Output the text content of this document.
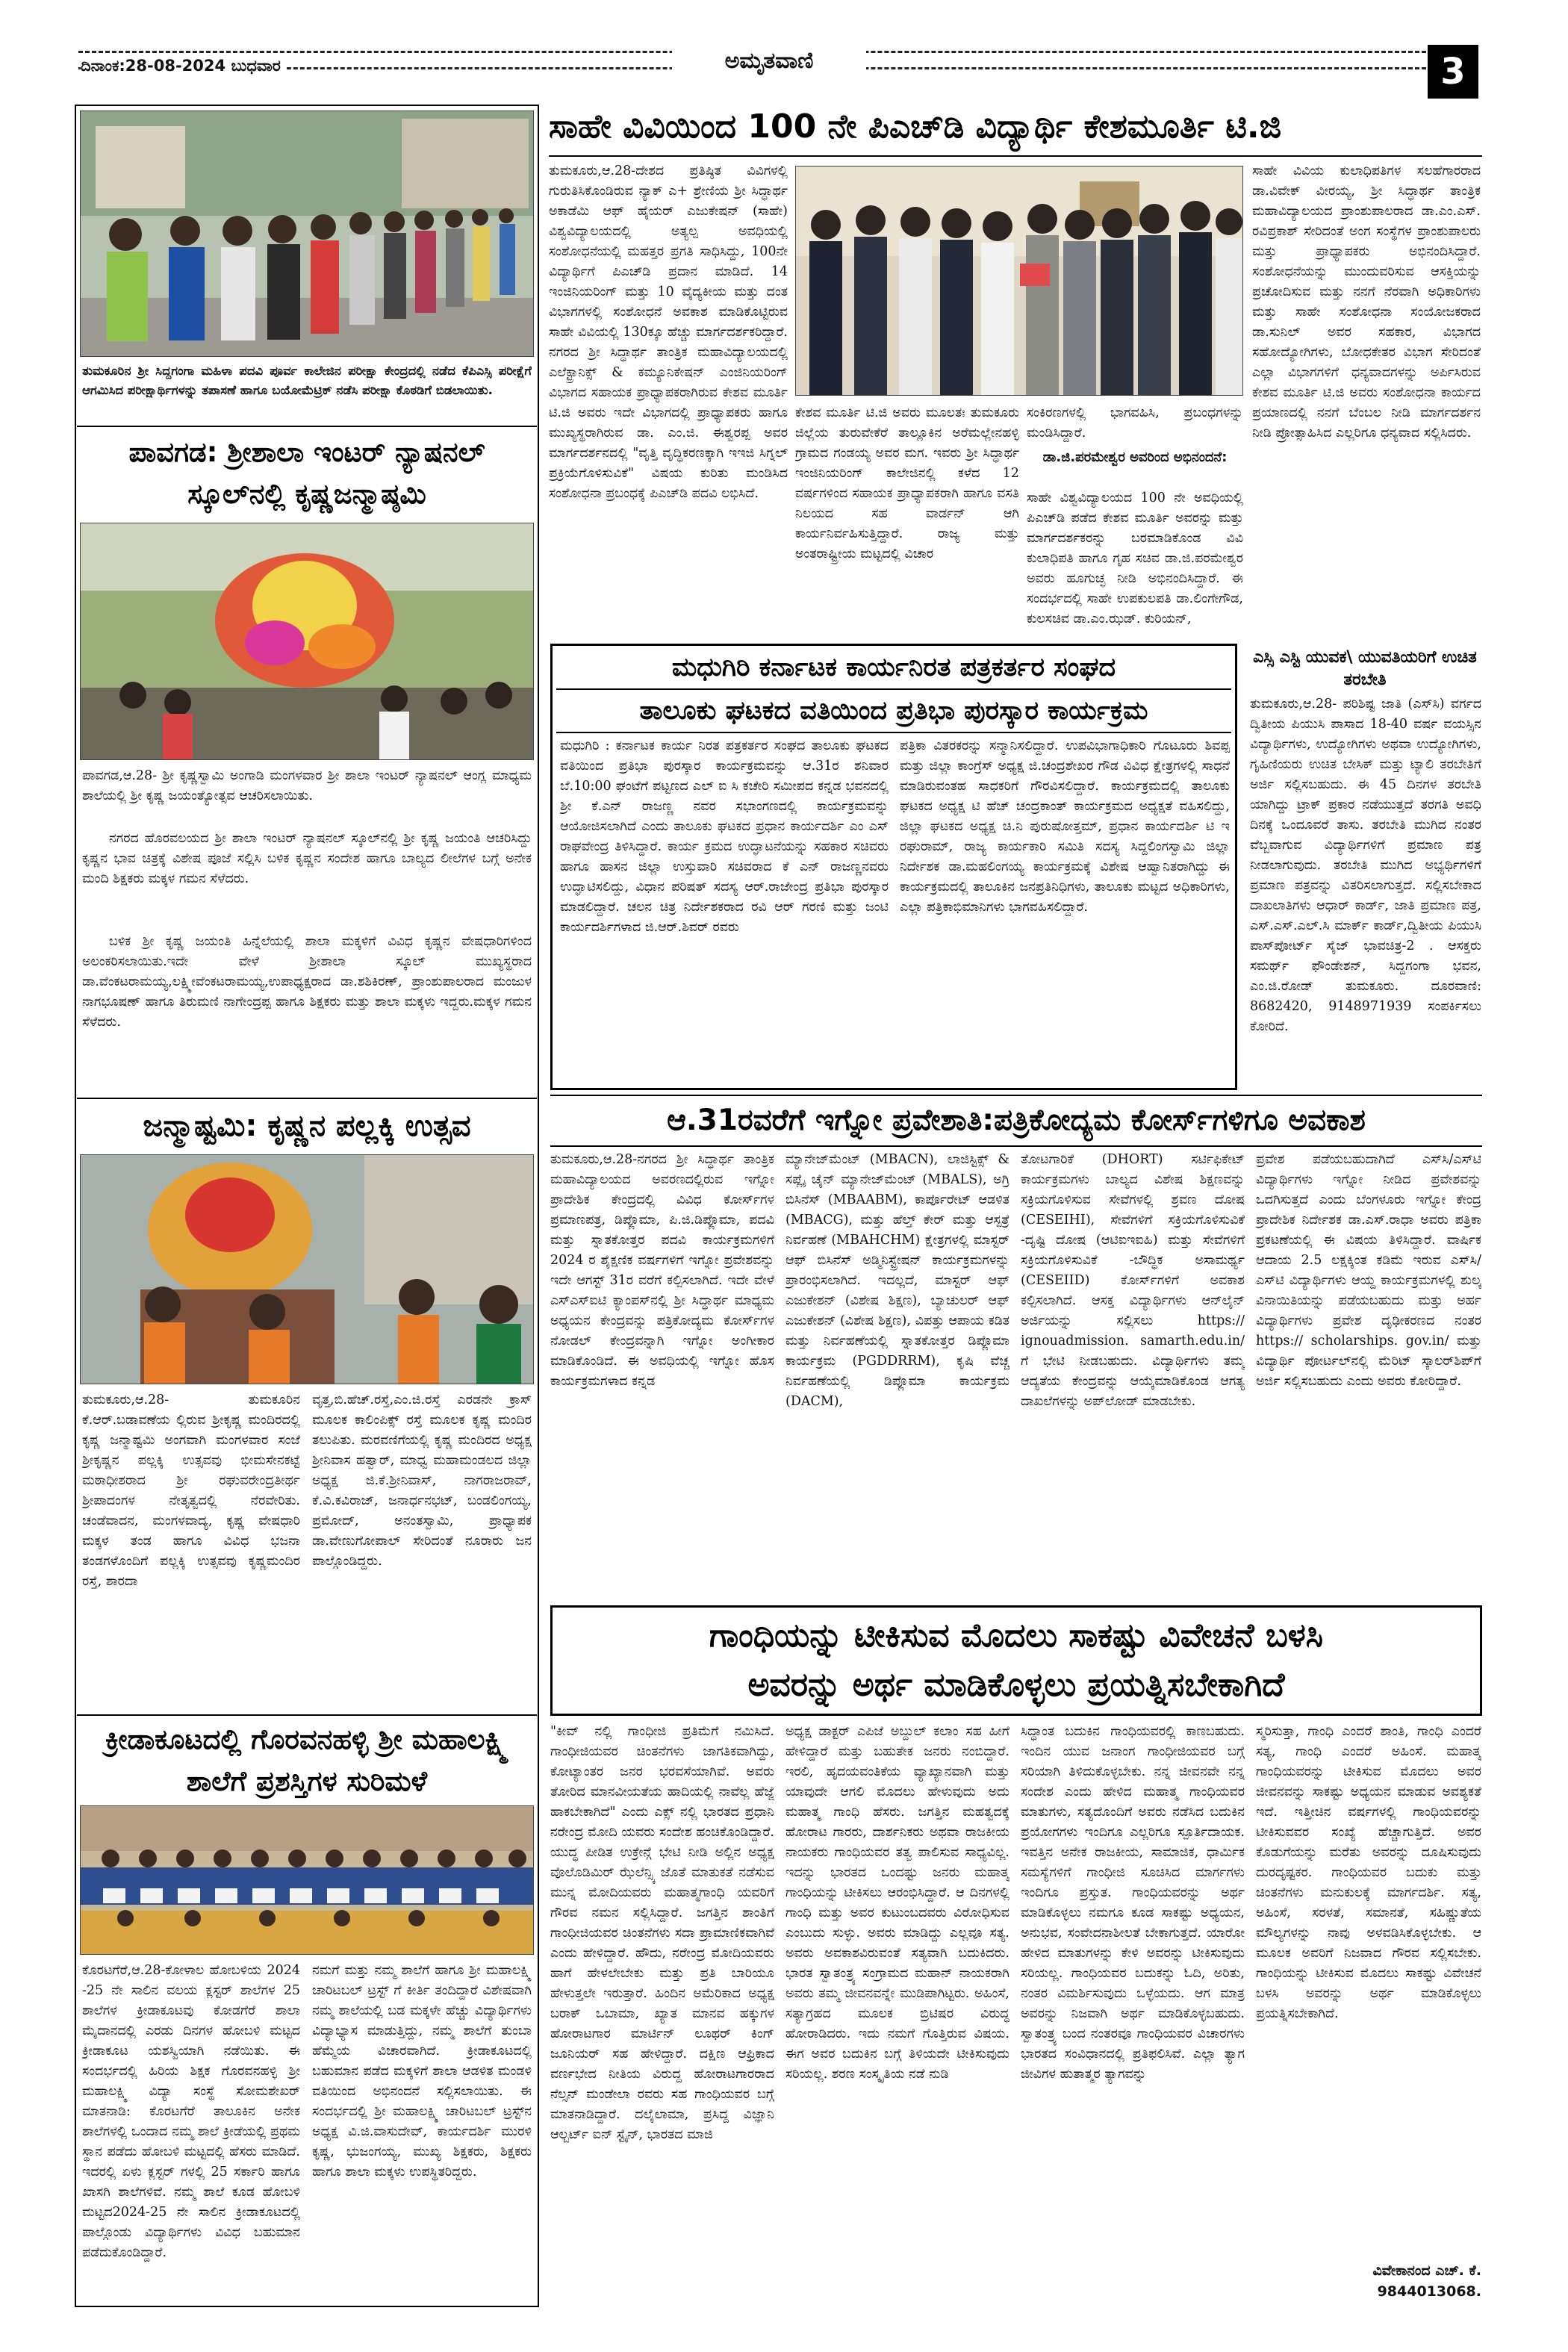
ದಿನಾಂಕ:28-08-2024 ಬುಧವಾರ	ಅಮೃತವಾಣಿ	3
ತುಮಕೂರಿನ ಶ್ರೀ ಸಿದ್ದಗಂಗಾ ಮಹಿಳಾ ಪದವಿ ಪೂರ್ವ ಕಾಲೇಜಿನ ಪರೀಕ್ಷಾ ಕೇಂದ್ರದಲ್ಲಿ ನಡೆದ ಕೆಪಿಎಸ್ಸಿ ಪರೀಕ್ಷೆಗೆ ಆಗಮಿಸಿದ ಪರೀಕ್ಷಾರ್ಥಿಗಳನ್ನು ತಪಾಸಣೆ ಹಾಗೂ ಬಯೋಮೆಟ್ರಿಕ್ ನಡೆಸಿ ಪರೀಕ್ಷಾ ಕೊಠಡಿಗೆ ಬಿಡಲಾಯಿತು.
ಪಾವಗಡ: ಶ್ರೀಶಾಲಾ ಇಂಟರ್ ನ್ಯಾಷನಲ್ ಸ್ಕೂಲ್‌ನಲ್ಲಿ ಕೃಷ್ಣಜನ್ಮಾಷ್ಠಮಿ
ಪಾವಗಡ,ಆ.28- ಶ್ರೀ ಕೃಷ್ಣಸ್ವಾಮಿ ಅಂಗಾಡಿ ಮಂಗಳವಾರ ಶ್ರೀ ಶಾಲಾ ಇಂಟರ್ ನ್ಯಾಷನಲ್ ಆಂಗ್ಲ ಮಾಧ್ಯಮ ಶಾಲೆಯಲ್ಲಿ ಶ್ರೀ ಕೃಷ್ಣ ಜಯಂತ್ಯೋತ್ಸವ ಆಚರಿಸಲಾಯಿತು.
ನಗರದ ಹೊರವಲಯದ ಶ್ರೀ ಶಾಲಾ ಇಂಟರ್ ನ್ಯಾಷನಲ್ ಸ್ಕೂಲ್‌ನಲ್ಲಿ ಶ್ರೀ ಕೃಷ್ಣ ಜಯಂತಿ ಆಚರಿಸಿದ್ದು ಕೃಷ್ಣನ ಭಾವ ಚಿತ್ರಕ್ಕೆ ವಿಶೇಷ ಪೂಜೆ ಸಲ್ಲಿಸಿ ಬಳಿಕ ಕೃಷ್ಣನ ಸಂದೇಶ ಹಾಗೂ ಬಾಲ್ಯದ ಲೀಲೆಗಳ ಬಗ್ಗೆ ಅನೇಕ ಮಂದಿ ಶಿಕ್ಷಕರು ಮಕ್ಕಳ ಗಮನ ಸೆಳೆದರು.
ಬಳಿಕ ಶ್ರೀ ಕೃಷ್ಣ ಜಯಂತಿ ಹಿನ್ನೆಲೆಯಲ್ಲಿ ಶಾಲಾ ಮಕ್ಕಳಿಗೆ ವಿವಿಧ ಕೃಷ್ಣನ ವೇಷಧಾರಿಗಳಿಂದ ಅಲಂಕರಿಸಲಾಯಿತು.ಇದೇ ವೇಳೆ ಶ್ರೀಶಾಲಾ ಸ್ಕೂಲ್ ಮುಖ್ಯಸ್ಥರಾದ ಡಾ.ವೆಂಕಟರಾಮಯ್ಯ,ಲಕ್ಷ್ಮೀವೆಂಕಟರಾಮಯ್ಯ,ಉಪಾಧ್ಯಕ್ಷರಾದ ಡಾ.ಶಶಿಕಿರಣ್, ಪ್ರಾಂಶುಪಾಲರಾದ ಮಂಜುಳ ನಾಗಭೂಷಣ್ ಹಾಗೂ ತಿರುಮಣಿ ನಾಗೇಂದ್ರಪ್ಪ ಹಾಗೂ ಶಿಕ್ಷಕರು ಮತ್ತು ಶಾಲಾ ಮಕ್ಕಳು ಇದ್ದರು.ಮಕ್ಕಳ ಗಮನ ಸೆಳೆದರು.
ಜನ್ಮಾಷ್ಟಮಿ: ಕೃಷ್ಣನ ಪಲ್ಲಕ್ಕಿ ಉತ್ಸವ
ತುಮಕೂರು,ಆ.28- ತುಮಕೂರಿನ ಕೆ.ಆರ್.ಬಡಾವಣೆಯ ಲ್ಲಿರುವ ಶ್ರೀಕೃಷ್ಣ ಮಂದಿರದಲ್ಲಿ ಕೃಷ್ಣ ಜನ್ಮಾಷ್ಟಮಿ ಅಂಗವಾಗಿ ಮಂಗಳವಾರ ಸಂಜೆ ಶ್ರೀಕೃಷ್ಣನ ಪಲ್ಲಕ್ಕಿ ಉತ್ಸವವು ಭೀಮಸೇನಕಟ್ಟೆ ಮಠಾಧೀಶರಾದ ಶ್ರೀ ರಘುವರೇಂದ್ರತೀರ್ಥ ಶ್ರೀಪಾದಂಗಳ ನೇತೃತ್ವದಲ್ಲಿ ನೆರವೇರಿತು. ಚಂಡೆವಾದನ, ಮಂಗಳವಾದ್ಯ, ಕೃಷ್ಣ ವೇಷಧಾರಿ ಮಕ್ಕಳ ತಂಡ ಹಾಗೂ ವಿವಿಧ ಭಜನಾ ತಂಡಗಳೊಂದಿಗೆ ಪಲ್ಲಕ್ಕಿ ಉತ್ಸವವು ಕೃಷ್ಣಮಂದಿರ ರಸ್ತೆ, ಶಾರದಾ
ವೃತ್ತ,ಬಿ.ಹೆಚ್.ರಸ್ತೆ,ಎಂ.ಜಿ.ರಸ್ತೆ ಎರಡನೇ ಕ್ರಾಸ್ ಮೂಲಕ ಕಾಲಿಂಪಿಕ್ಸ್ ರಸ್ತೆ ಮೂಲಕ ಕೃಷ್ಣ ಮಂದಿರ ತಲುಪಿತು. ಮರವಣಿಗೆಯಲ್ಲಿ ಕೃಷ್ಣ ಮಂದಿರದ ಅಧ್ಯಕ್ಷ ಶ್ರೀನಿವಾಸ ಹತ್ವಾರ್, ಮಾಧ್ವ ಮಹಾಮಂಡಲದ ಜಿಲ್ಲಾ ಅಧ್ಯಕ್ಷ ಜಿ.ಕೆ.ಶ್ರೀನಿವಾಸ್, ನಾಗರಾಜರಾವ್, ಕೆ.ವಿ.ಕವಿರಾಜ್, ಜನಾರ್ಧನಭಟ್, ಬಂಡಲಿಂಗಯ್ಯ, ಪ್ರಮೋದ್, ಅನಂತಸ್ವಾಮಿ, ಪ್ರಾಧ್ಯಾಪಕ ಡಾ.ವೇಣುಗೋಪಾಲ್ ಸೇರಿದಂತೆ ನೂರಾರು ಜನ ಪಾಲ್ಗೊಂಡಿದ್ದರು.
ಕ್ರೀಡಾಕೂಟದಲ್ಲಿ ಗೊರವನಹಳ್ಳಿ ಶ್ರೀ ಮಹಾಲಕ್ಷ್ಮಿ ಶಾಲೆಗೆ ಪ್ರಶಸ್ತಿಗಳ ಸುರಿಮಳೆ
ಕೊರಟಗೆರೆ,ಆ.28-ಕೋಳಾಲ ಹೋಬಳಿಯ 2024 -25 ನೇ ಸಾಲಿನ ವಲಯ ಕ್ಲಸ್ಟರ್ ಶಾಲೆಗಳ 25 ಶಾಲೆಗಳ ಕ್ರೀಡಾಕೂಟವು ಕೋಡಗೆರೆ ಶಾಲಾ ಮೈದಾನದಲ್ಲಿ ಎರಡು ದಿನಗಳ ಹೋಬಳಿ ಮಟ್ಟದ ಕ್ರೀಡಾಕೂಟ ಯಶಸ್ವಿಯಾಗಿ ನಡೆಯಿತು. ಈ ಸಂದರ್ಭದಲ್ಲಿ ಹಿರಿಯ ಶಿಕ್ಷಕ ಗೊರವನಹಳ್ಳಿ ಶ್ರೀ ಮಹಾಲಕ್ಷ್ಮಿ ವಿದ್ಯಾ ಸಂಸ್ಥೆ ಸೋಮಶೇಖರ್ ಮಾತನಾಡಿ: ಕೊರಟಗೆರೆ ತಾಲೂಕಿನ ಅನೇಕ ಶಾಲೆಗಳಲ್ಲಿ ಒಂದಾದ ನಮ್ಮ ಶಾಲೆ ಕ್ರೀಡೆಯಲ್ಲಿ ಪ್ರಥಮ ಸ್ಥಾನ ಪಡೆದು ಹೋಬಳಿ ಮಟ್ಟದಲ್ಲಿ ಹೆಸರು ಮಾಡಿದೆ. ಇದರಲ್ಲಿ ಏಳು ಕ್ಲಸ್ಟರ್ ಗಳಲ್ಲಿ 25 ಸರ್ಕಾರಿ ಹಾಗೂ ಖಾಸಗಿ ಶಾಲೆಗಳಿವೆ. ನಮ್ಮ ಶಾಲೆ ಕೂಡ ಹೋಬಳಿ ಮಟ್ಟದ2024-25 ನೇ ಸಾಲಿನ ಕ್ರೀಡಾಕೂಟದಲ್ಲಿ ಪಾಲ್ಗೊಂಡು ವಿದ್ಯಾರ್ಥಿಗಳು ವಿವಿಧ ಬಹುಮಾನ ಪಡೆದುಕೊಂಡಿದ್ದಾರೆ.
ನಮಗೆ ಮತ್ತು ನಮ್ಮ ಶಾಲೆಗೆ ಹಾಗೂ ಶ್ರೀ ಮಹಾಲಕ್ಷ್ಮಿ ಚಾರಿಟಬಲ್ ಟ್ರಸ್ಟ್ ಗೆ ಕೀರ್ತಿ ತಂದಿದ್ದಾರೆ ವಿಶೇಷವಾಗಿ ನಮ್ಮ ಶಾಲೆಯಲ್ಲಿ ಬಡ ಮಕ್ಕಳೇ ಹೆಚ್ಚು ವಿದ್ಯಾರ್ಥಿಗಳು ವಿದ್ಯಾಭ್ಯಾಸ ಮಾಡುತ್ತಿದ್ದು, ನಮ್ಮ ಶಾಲೆಗೆ ತುಂಬಾ ಹೆಮ್ಮೆಯ ವಿಚಾರವಾಗಿದೆ. ಕ್ರೀಡಾಕೂಟದಲ್ಲಿ ಬಹುಮಾನ ಪಡೆದ ಮಕ್ಕಳಿಗೆ ಶಾಲಾ ಆಡಳಿತ ಮಂಡಳಿ ವತಿಯಿಂದ ಅಭಿನಂದನೆ ಸಲ್ಲಿಸಲಾಯಿತು. ಈ ಸಂದರ್ಭದಲ್ಲಿ ಶ್ರೀ ಮಹಾಲಕ್ಷ್ಮಿ ಚಾರಿಟಬಲ್ ಟ್ರಸ್ಟ್‌ನ ಅಧ್ಯಕ್ಷ ವಿ.ಜಿ.ವಾಸುದೇವ್, ಕಾರ್ಯದರ್ಶಿ ಮುರಳಿ ಕೃಷ್ಣ, ಭುಜಂಗಯ್ಯ, ಮುಖ್ಯ ಶಿಕ್ಷಕರು, ಶಿಕ್ಷಕರು ಹಾಗೂ ಶಾಲಾ ಮಕ್ಕಳು ಉಪಸ್ಥಿತರಿದ್ದರು.
ಸಾಹೇ ವಿವಿಯಿಂದ 100 ನೇ ಪಿಎಚ್‌ಡಿ ವಿದ್ಯಾರ್ಥಿ ಕೇಶಮೂರ್ತಿ ಟಿ.ಜಿ
ತುಮಕೂರು,ಆ.28-ದೇಶದ ಪ್ರತಿಷ್ಠಿತ ವಿವಿಗಳಲ್ಲಿ ಗುರುತಿಸಿಕೊಂಡಿರುವ ನ್ಯಾಕ್ ಎ+ ಶ್ರೇಣಿಯ ಶ್ರೀ ಸಿದ್ಧಾರ್ಥ ಅಕಾಡೆಮಿ ಆಫ್ ಹೈಯರ್ ಎಜುಕೇಷನ್ (ಸಾಹೇ) ವಿಶ್ವವಿದ್ಯಾಲಯದಲ್ಲಿ ಅತ್ಯಲ್ಪ ಅವಧಿಯಲ್ಲಿ ಸಂಶೋಧನೆಯಲ್ಲಿ ಮಹತ್ತರ ಪ್ರಗತಿ ಸಾಧಿಸಿದ್ದು, 100ನೇ ವಿದ್ಯಾರ್ಥಿಗೆ ಪಿಎಚ್‌ಡಿ ಪ್ರದಾನ ಮಾಡಿದೆ. 14 ಇಂಜಿನಿಯರಿಂಗ್ ಮತ್ತು 10 ವೈದ್ಯಕೀಯ ಮತ್ತು ದಂತ ವಿಭಾಗಗಳಲ್ಲಿ ಸಂಶೋಧನೆ ಅವಕಾಶ ಮಾಡಿಕೊಟ್ಟಿರುವ ಸಾಹೇ ವಿವಿಯಲ್ಲಿ 130ಕ್ಕೂ ಹೆಚ್ಚು ಮಾರ್ಗದರ್ಶಕರಿದ್ದಾರೆ. ನಗರದ ಶ್ರೀ ಸಿದ್ಧಾರ್ಥ ತಾಂತ್ರಿಕ ಮಹಾವಿದ್ಯಾಲಯದಲ್ಲಿ ಎಲೆಕ್ಟ್ರಾನಿಕ್ಸ್ & ಕಮ್ಯೂನಿಕೇಷನ್ ಎಂಜಿನಿಯರಿಂಗ್ ವಿಭಾಗದ ಸಹಾಯಕ ಪ್ರಾಧ್ಯಾಪಕರಾಗಿರುವ ಕೇಶವ ಮೂರ್ತಿ ಟಿ.ಜಿ ಅವರು ಇದೇ ವಿಭಾಗದಲ್ಲಿ ಪ್ರಾಧ್ಯಾಪಕರು ಹಾಗೂ ಮುಖ್ಯಸ್ಥರಾಗಿರುವ ಡಾ. ಎಂ.ಜಿ. ಈಶ್ವರಪ್ಪ ಅವರ ಮಾರ್ಗದರ್ಶನದಲ್ಲಿ "ವೃತ್ತಿ ವೃದ್ಧಿಕರಣಕ್ಕಾಗಿ ಇಇಜಿ ಸಿಗ್ನಲ್ ಪ್ರಕ್ರಿಯೆಗೊಳಿಸುವಿಕೆ" ವಿಷಯ ಕುರಿತು ಮಂಡಿಸಿದ ಸಂಶೋಧನಾ ಪ್ರಬಂಧಕ್ಕೆ ಪಿಎಚ್‌ಡಿ ಪದವಿ ಲಭಿಸಿದೆ.
ಕೇಶವ ಮೂರ್ತಿ ಟಿ.ಜಿ ಅವರು ಮೂಲತಃ ತುಮಕೂರು ಜಿಲ್ಲೆಯ ತುರುವೇಕೆರೆ ತಾಲ್ಲೂಕಿನ ಅರೆಮಲ್ಲೇನಹಳ್ಳಿ ಗ್ರಾಮದ ಗಂಡಯ್ಯ ಅವರ ಮಗ. ಇವರು ಶ್ರೀ ಸಿದ್ಧಾರ್ಥ ಇಂಜಿನಿಯರಿಂಗ್ ಕಾಲೇಜಿನಲ್ಲಿ ಕಳೆದ 12 ವರ್ಷಗಳಿಂದ ಸಹಾಯಕ ಪ್ರಾಧ್ಯಾಪಕರಾಗಿ ಹಾಗೂ ವಸತಿ ನಿಲಯದ ಸಹ ವಾರ್ಡನ್ ಆಗಿ ಕಾರ್ಯನಿರ್ವಹಿಸುತ್ತಿದ್ದಾರೆ. ರಾಜ್ಯ ಮತ್ತು ಅಂತರಾಷ್ಟ್ರೀಯ ಮಟ್ಟದಲ್ಲಿ ವಿಚಾರ
ಸಂಕಿರಣಗಳಲ್ಲಿ ಭಾಗವಹಿಸಿ, ಪ್ರಬಂಧಗಳನ್ನು ಮಂಡಿಸಿದ್ದಾರೆ.
ಡಾ.ಜಿ.ಪರಮೇಶ್ವರ ಅವರಿಂದ ಅಭಿನಂದನೆ:
ಸಾಹೇ ವಿಶ್ವವಿದ್ಯಾಲಯದ 100 ನೇ ಅವಧಿಯಲ್ಲಿ ಪಿಎಚ್‌ಡಿ ಪಡೆದ ಕೇಶವ ಮೂರ್ತಿ ಅವರನ್ನು ಮತ್ತು ಮಾರ್ಗದರ್ಶಕರನ್ನು ಬರಮಾಡಿಕೊಂಡ ವಿವಿ ಕುಲಾಧಿಪತಿ ಹಾಗೂ ಗೃಹ ಸಚಿವ ಡಾ.ಜಿ.ಪರಮೇಶ್ವರ ಅವರು ಹೂಗುಚ್ಛ ನೀಡಿ ಅಭಿನಂದಿಸಿದ್ದಾರೆ. ಈ ಸಂದರ್ಭದಲ್ಲಿ ಸಾಹೇ ಉಪಕುಲಪತಿ ಡಾ.ಲಿಂಗೇಗೌಡ, ಕುಲಸಚಿವ ಡಾ.ಎಂ.ಝಡ್. ಕುರಿಯನ್,
ಸಾಹೇ ವಿವಿಯ ಕುಲಾಧಿಪತಿಗಳ ಸಲಹೆಗಾರರಾದ ಡಾ.ವಿವೇಕ್ ವೀರಯ್ಯ, ಶ್ರೀ ಸಿದ್ಧಾರ್ಥ ತಾಂತ್ರಿಕ ಮಹಾವಿದ್ಯಾಲಯದ ಪ್ರಾಂಶುಪಾಲರಾದ ಡಾ.ಎಂ.ಎಸ್. ರವಿಪ್ರಕಾಶ್ ಸೇರಿದಂತೆ ಅಂಗ ಸಂಸ್ಥೆಗಳ ಪ್ರಾಂಶುಪಾಲರು ಮತ್ತು ಪ್ರಾಧ್ಯಾಪಕರು ಅಭಿನಂದಿಸಿದ್ದಾರೆ. ಸಂಶೋಧನೆಯನ್ನು ಮುಂದುವರಿಸುವ ಆಸಕ್ತಿಯನ್ನು ಪ್ರಚೋದಿಸುವ ಮತ್ತು ನನಗೆ ನೆರವಾಗಿ ಅಧಿಕಾರಿಗಳು ಮತ್ತು ಸಾಹೇ ಸಂಶೋಧನಾ ಸಂಯೋಜಕರಾದ ಡಾ.ಸುನಿಲ್ ಅವರ ಸಹಕಾರ, ವಿಭಾಗದ ಸಹೋದ್ಯೋಗಿಗಳು, ಬೋಧಕೇತರ ವಿಭಾಗ ಸೇರಿದಂತೆ ಎಲ್ಲಾ ವಿಭಾಗಗಳಿಗೆ ಧನ್ಯವಾದಗಳನ್ನು ಅರ್ಪಿಸಿರುವ ಕೇಶವ ಮೂರ್ತಿ ಟಿ.ಜಿ ಅವರು ಸಂಶೋಧನಾ ಕಾರ್ಯದ ಪ್ರಯಾಣದಲ್ಲಿ ನನಗೆ ಬೆಂಬಲ ನೀಡಿ ಮಾರ್ಗದರ್ಶನ ನೀಡಿ ಪ್ರೋತ್ಸಾಹಿಸಿದ ಎಲ್ಲರಿಗೂ ಧನ್ಯವಾದ ಸಲ್ಲಿಸಿದರು.
ಮಧುಗಿರಿ ಕರ್ನಾಟಕ ಕಾರ್ಯನಿರತ ಪತ್ರಕರ್ತರ ಸಂಘದ
ತಾಲೂಕು ಘಟಕದ ವತಿಯಿಂದ ಪ್ರತಿಭಾ ಪುರಸ್ಕಾರ ಕಾರ್ಯಕ್ರಮ
ಮಧುಗಿರಿ : ಕರ್ನಾಟಕ ಕಾರ್ಯ ನಿರತ ಪತ್ರಕರ್ತರ ಸಂಘದ ತಾಲೂಕು ಘಟಕದ ವತಿಯಿಂದ ಪ್ರತಿಭಾ ಪುರಸ್ಕಾರ ಕಾರ್ಯಕ್ರಮವನ್ನು ಆ.31ರ ಶನಿವಾರ ಬೆ.10:00 ಘಂಟೆಗೆ ಪಟ್ಟಣದ ಎಲ್ ಐ ಸಿ ಕಚೇರಿ ಸಮೀಪದ ಕನ್ನಡ ಭವನದಲ್ಲಿ ಶ್ರೀ ಕೆ.ಎನ್ ರಾಜಣ್ಣ ನವರ ಸಭಾಂಗಣದಲ್ಲಿ ಕಾರ್ಯಕ್ರಮವನ್ನು ಆಯೋಜಿಸಲಾಗಿದೆ ಎಂದು ತಾಲೂಕು ಘಟಕದ ಪ್ರಧಾನ ಕಾರ್ಯದರ್ಶಿ ಎಂ ಎಸ್ ರಾಘವೇಂದ್ರ ತಿಳಿಸಿದ್ದಾರೆ. ಕಾರ್ಯ ಕ್ರಮದ ಉದ್ಘಾಟನೆಯನ್ನು ಸಹಕಾರ ಸಚಿವರು ಹಾಗೂ ಹಾಸನ ಜಿಲ್ಲಾ ಉಸ್ತುವಾರಿ ಸಚಿವರಾದ ಕೆ ಎನ್ ರಾಜಣ್ಣನವರು ಉದ್ಘಾಟಿಸಲಿದ್ದು, ವಿಧಾನ ಪರಿಷತ್ ಸದಸ್ಯ ಆರ್.ರಾಜೇಂದ್ರ ಪ್ರತಿಭಾ ಪುರಸ್ಕಾರ ಮಾಡಲಿದ್ದಾರೆ. ಚಲನ ಚಿತ್ರ ನಿರ್ದೇಶಕರಾದ ರವಿ ಆರ್ ಗರಣಿ ಮತ್ತು ಜಂಟಿ ಕಾರ್ಯದರ್ಶಿಗಳಾದ ಜಿ.ಆರ್.ಶಿವರ್ ರವರು
ಪತ್ರಿಕಾ ವಿತರಕರನ್ನು ಸನ್ಮಾನಿಸಲಿದ್ದಾರೆ. ಉಪವಿಭಾಗಾಧಿಕಾರಿ ಗೊಟೂರು ಶಿವಪ್ಪ ಮತ್ತು ಜಿಲ್ಲಾ ಕಾಂಗ್ರೆಸ್ ಅಧ್ಯಕ್ಷ ಜಿ.ಚಂದ್ರಶೇಖರ ಗೌಡ ವಿವಿಧ ಕ್ಷೇತ್ರಗಳಲ್ಲಿ ಸಾಧನೆ ಮಾಡಿರುವಂತಹ ಸಾಧಕರಿಗೆ ಗೌರವಿಸಲಿದ್ದಾರೆ. ಕಾರ್ಯಕ್ರಮದಲ್ಲಿ ತಾಲೂಕು ಘಟಕದ ಅಧ್ಯಕ್ಷ ಟಿ ಹೆಚ್ ಚಂದ್ರಕಾಂತ್ ಕಾರ್ಯಕ್ರಮದ ಅಧ್ಯಕ್ಷತೆ ವಹಿಸಲಿದ್ದು, ಜಿಲ್ಲಾ ಘಟಕದ ಅಧ್ಯಕ್ಷ ಚಿ.ನಿ ಪುರುಷೋತ್ತಮ್, ಪ್ರಧಾನ ಕಾರ್ಯದರ್ಶಿ ಟಿ ಇ ರಘುರಾಮ್, ರಾಜ್ಯ ಕಾರ್ಯಕಾರಿ ಸಮಿತಿ ಸದಸ್ಯ ಸಿದ್ದಲಿಂಗಸ್ವಾಮಿ ಜಿಲ್ಲಾ ನಿರ್ದೇಶಕ ಡಾ.ಮಹಲಿಂಗಯ್ಯ ಕಾರ್ಯಕ್ರಮಕ್ಕೆ ವಿಶೇಷ ಆಹ್ವಾನಿತರಾಗಿದ್ದು ಈ ಕಾರ್ಯಕ್ರಮದಲ್ಲಿ ತಾಲೂಕಿನ ಜನಪ್ರತಿನಿಧಿಗಳು, ತಾಲೂಕು ಮಟ್ಟದ ಅಧಿಕಾರಿಗಳು, ಎಲ್ಲಾ ಪತ್ರಿಕಾಭಿಮಾನಿಗಳು ಭಾಗವಹಿಸಲಿದ್ದಾರೆ.
ಎಸ್ಸಿ ಎಸ್ಟಿ ಯುವಕ\ ಯುವತಿಯರಿಗೆ ಉಚಿತ ತರಬೇತಿ
ತುಮಕೂರು,ಆ.28- ಪರಿಶಿಷ್ಟ ಜಾತಿ (ಎಸ್‌ಸಿ) ವರ್ಗದ ದ್ವಿತೀಯ ಪಿಯುಸಿ ಪಾಸಾದ 18-40 ವರ್ಷ ವಯಸ್ಸಿನ ವಿದ್ಯಾರ್ಥಿಗಳು, ಉದ್ಯೋಗಿಗಳು ಅಥವಾ ಉದ್ಯೋಗಿಗಳು, ಗೃಹಿಣಿಯರು ಉಚಿತ ಬೇಸಿಕ್ ಮತ್ತು ಟ್ಯಾಲಿ ತರಬೇತಿಗೆ ಅರ್ಜಿ ಸಲ್ಲಿಸಬಹುದು. ಈ 45 ದಿನಗಳ ತರಬೇತಿ ಯಾಗಿದ್ದು ಟ್ರಾಕ್ ಪ್ರಕಾರ ನಡೆಯುತ್ತದೆ ತರಗತಿ ಅವಧಿ ದಿನಕ್ಕೆ ಒಂದೂವರೆ ತಾಸು. ತರಬೇತಿ ಮುಗಿದ ನಂತರ ವೆಬ್ಬವಾಗುವ ವಿದ್ಯಾರ್ಥಿಗಳಿಗೆ ಪ್ರಮಾಣ ಪತ್ರ ನೀಡಲಾಗುವುದು. ತರಬೇತಿ ಮುಗಿದ ಅಭ್ಯರ್ಥಿಗಳಿಗೆ ಪ್ರಮಾಣ ಪತ್ರವನ್ನು ವಿತರಿಸಲಾಗುತ್ತದೆ. ಸಲ್ಲಿಸಬೇಕಾದ ದಾಖಲಾತಿಗಳು ಆಧಾರ್ ಕಾರ್ಡ್, ಜಾತಿ ಪ್ರಮಾಣ ಪತ್ರ, ಎಸ್.ಎಸ್.ಎಲ್.ಸಿ ಮಾರ್ಕ್ ಕಾರ್ಡ್,ದ್ವಿತೀಯ ಪಿಯುಸಿ ಪಾಸ್‌ಪೋರ್ಟ್ ಸೈಜ್ ಭಾವಚಿತ್ರ-2 . ಆಸಕ್ತರು ಸಮರ್ಥ್ ಫೌಂಡೇಶನ್, ಸಿದ್ದಗಂಗಾ ಭವನ, ಎಂ.ಜಿ.ರೋಡ್ ತುಮಕೂರು. ದೂರವಾಣಿ: 8682420, 9148971939 ಸಂಪರ್ಕಿಸಲು ಕೋರಿದೆ.
ಆ.31ರವರೆಗೆ ಇಗ್ನೋ ಪ್ರವೇಶಾತಿ:ಪತ್ರಿಕೋದ್ಯಮ ಕೋರ್ಸ್‌ಗಳಿಗೂ ಅವಕಾಶ
ತುಮಕೂರು,ಆ.28-ನಗರದ ಶ್ರೀ ಸಿದ್ಧಾರ್ಥ ತಾಂತ್ರಿಕ ಮಹಾವಿದ್ಯಾಲಯದ ಅವರಣದಲ್ಲಿರುವ ಇಗ್ನೋ ಪ್ರಾದೇಶಿಕ ಕೇಂದ್ರದಲ್ಲಿ ವಿವಿಧ ಕೋರ್ಸ್‌ಗಳ ಪ್ರಮಾಣಪತ್ರ, ಡಿಪ್ಲೊಮಾ, ಪಿ.ಜಿ.ಡಿಪ್ಲೊಮಾ, ಪದವಿ ಮತ್ತು ಸ್ನಾತಕೋತ್ತರ ಪದವಿ ಕಾರ್ಯಕ್ರಮಗಳಿಗೆ 2024 ರ ಶೈಕ್ಷಣಿಕ ವರ್ಷಗಳಿಗೆ ಇಗ್ನೋ ಪ್ರವೇಶವನ್ನು ಇದೇ ಆಗಸ್ಟ್ 31ರ ವರೆಗೆ ಕಲ್ಪಿಸಲಾಗಿದೆ. ಇದೇ ವೇಳೆ ಎಸ್‌ಎಸ್‌ಐಟಿ ಕ್ಯಾಂಪಸ್‌ನಲ್ಲಿ ಶ್ರೀ ಸಿದ್ಧಾರ್ಥ ಮಾಧ್ಯಮ ಅಧ್ಯಯನ ಕೇಂದ್ರವನ್ನು ಪತ್ರಿಕೋದ್ಯಮ ಕೋರ್ಸ್‌ಗಳ ನೋಡಲ್ ಕೇಂದ್ರವನ್ನಾಗಿ ಇಗ್ನೋ ಅಂಗೀಕಾರ ಮಾಡಿಕೊಂಡಿದೆ. ಈ ಅವಧಿಯಲ್ಲಿ ಇಗ್ನೋ ಹೊಸ ಕಾರ್ಯಕ್ರಮಗಳಾದ ಕನ್ನಡ
ಮ್ಯಾನೇಜ್‌ಮೆಂಟ್ (MBACN), ಲಾಜಿಸ್ಟಿಕ್ಸ್ & ಸಪ್ಲೈ ಚೈನ್ ಮ್ಯಾನೇಜ್‌ಮೆಂಟ್ (MBALS), ಅಗ್ರಿ ಬಿಸಿನೆಸ್ (MBAABM), ಕಾರ್ಪೊರೇಟ್ ಆಡಳಿತ (MBACG), ಮತ್ತು ಹೆಲ್ತ್ ಕೇರ್ ಮತ್ತು ಆಸ್ಪತ್ರೆ ನಿರ್ವಹಣೆ (MBAHCHM) ಕ್ಷೇತ್ರಗಳಲ್ಲಿ ಮಾಸ್ಟರ್ ಆಫ್ ಬಿಸಿನೆಸ್ ಅಡ್ಮಿನಿಸ್ಟ್ರೇಷನ್ ಕಾರ್ಯಕ್ರಮಗಳನ್ನು ಪ್ರಾರಂಭಿಸಲಾಗಿದೆ. ಇದಲ್ಲದೆ, ಮಾಸ್ಟರ್ ಆಫ್ ಎಜುಕೇಶನ್ (ವಿಶೇಷ ಶಿಕ್ಷಣ), ಬ್ಯಾಚುಲರ್ ಆಫ್ ಎಜುಕೇಶನ್ (ವಿಶೇಷ ಶಿಕ್ಷಣ), ವಿಪತ್ತು ಆಪಾಯ ಕಡಿತ ಮತ್ತು ನಿರ್ವಹಣೆಯಲ್ಲಿ ಸ್ನಾತಕೋತ್ತರ ಡಿಪ್ಲೊಮಾ ಕಾರ್ಯಕ್ರಮ (PGDDRRM), ಕೃಷಿ ವೆಚ್ಚ ನಿರ್ವಹಣೆಯಲ್ಲಿ ಡಿಪ್ಲೊಮಾ ಕಾರ್ಯಕ್ರಮ (DACM),
ತೋಟಗಾರಿಕೆ (DHORT) ಸರ್ಟಿಫಿಕೇಟ್ ಕಾರ್ಯಕ್ರಮಗಳು ಬಾಲ್ಯದ ವಿಶೇಷ ಶಿಕ್ಷಣವನ್ನು ಸಕ್ರಿಯಗೊಳಿಸುವ ಸೇವೆಗಳಲ್ಲಿ ಶ್ರವಣ ದೋಷ (CESEIHI), ಸೇವೆಗಳಿಗೆ ಸಕ್ರಿಯಗೊಳಿಸುವಿಕೆ -ದೃಷ್ಟಿ ದೋಷ (ಆಟಿಐಇಐಹಿ) ಮತ್ತು ಸೇವೆಗಳಿಗೆ ಸಕ್ರಿಯಗೊಳಿಸುವಿಕೆ -ಬೌದ್ಧಿಕ ಅಸಾಮರ್ಥ್ಯ (CESEIID) ಕೋರ್ಸ್‌ಗಳಿಗೆ ಅವಕಾಶ ಕಲ್ಪಿಸಲಾಗಿದೆ. ಆಸಕ್ತ ವಿದ್ಯಾರ್ಥಿಗಳು ಆನ್‌ಲೈನ್ ಅರ್ಜಿಯನ್ನು ಸಲ್ಲಿಸಲು https:// ignouadmission. samarth.edu.in/ ಗೆ ಭೇಟಿ ನೀಡಬಹುದು. ವಿದ್ಯಾರ್ಥಿಗಳು ತಮ್ಮ ಆದ್ಯತೆಯ ಕೇಂದ್ರವನ್ನು ಆಯ್ಕೆಮಾಡಿಕೊಂಡ ಆಗತ್ಯ ದಾಖಲೆಗಳನ್ನು ಅಪ್‌ಲೋಡ್ ಮಾಡಬೇಕು.
ಪ್ರವೇಶ ಪಡೆಯಬಹುದಾಗಿದೆ ಎಸ್‌ಸಿ/ಎಸ್‌ಟಿ ವಿದ್ಯಾರ್ಥಿಗಳು ಇಗ್ನೋ ನೀಡಿದ ಪ್ರವೇಶವನ್ನು ಒದಗಿಸುತ್ತದೆ ಎಂದು ಬೆಂಗಳೂರು ಇಗ್ನೋ ಕೇಂದ್ರ ಪ್ರಾದೇಶಿಕ ನಿರ್ದೇಶಕ ಡಾ.ಎಸ್.ರಾಧಾ ಅವರು ಪತ್ರಿಕಾ ಪ್ರಕಟಣೆಯಲ್ಲಿ ಈ ವಿಷಯ ತಿಳಿಸಿದ್ದಾರೆ. ವಾರ್ಷಿಕ ಆದಾಯ 2.5 ಲಕ್ಷಕ್ಕಿಂತ ಕಡಿಮೆ ಇರುವ ಎಸ್‌ಸಿ/ಎಸ್‌ಟಿ ವಿದ್ಯಾರ್ಥಿಗಳು ಆಯ್ದ ಕಾರ್ಯಕ್ರಮಗಳಲ್ಲಿ ಶುಲ್ಕ ವಿನಾಯಿತಿಯನ್ನು ಪಡೆಯಬಹುದು ಮತ್ತು ಅರ್ಹ ವಿದ್ಯಾರ್ಥಿಗಳು ಪ್ರವೇಶ ದೃಢೀಕರಣದ ನಂತರ https:// scholarships. gov.in/ ಮತ್ತು ವಿದ್ಯಾರ್ಥಿ ಪೋರ್ಟಲ್‌ನಲ್ಲಿ ಮೆರಿಟ್ ಸ್ಕಾಲರ್‌ಶಿಪ್‌ಗೆ ಅರ್ಜಿ ಸಲ್ಲಿಸಬಹುದು ಎಂದು ಅವರು ಕೋರಿದ್ದಾರೆ.
ಗಾಂಧಿಯನ್ನು ಟೀಕಿಸುವ ಮೊದಲು ಸಾಕಷ್ಟು ವಿವೇಚನೆ ಬಳಸಿ
ಅವರನ್ನು ಅರ್ಥ ಮಾಡಿಕೊಳ್ಳಲು ಪ್ರಯತ್ನಿಸಬೇಕಾಗಿದೆ
"ಕೀವ್ ನಲ್ಲಿ ಗಾಂಧೀಜಿ ಪ್ರತಿಮೆಗೆ ನಮಿಸಿದೆ. ಗಾಂಧೀಜಿಯವರ ಚಿಂತನೆಗಳು ಜಾಗತಿಕವಾಗಿದ್ದು, ಕೋಟ್ಯಾಂತರ ಜನರ ಭರವಸೆಯಾಗಿವೆ. ಅವರು ತೋರಿದ ಮಾನವೀಯತೆಯ ಹಾದಿಯಲ್ಲಿ ನಾವೆಲ್ಲ ಹೆಜ್ಜೆ ಹಾಕಬೇಕಾಗಿದೆ" ಎಂದು ಎಕ್ಸ್ ನಲ್ಲಿ ಭಾರತದ ಪ್ರಧಾನಿ ನರೇಂದ್ರ ಮೋದಿ ಯವರು ಸಂದೇಶ ಹಂಚಿಕೊಂಡಿದ್ದಾರೆ. ಯುದ್ಧ ಪೀಡಿತ ಉಕ್ರೇನ್ಗೆ ಭೇಟಿ ನೀಡಿ ಅಲ್ಲಿನ ಅಧ್ಯಕ್ಷ ವೊಲೊಡಿಮಿರ್ ಝೆಲೆನ್ಸ್ಕಿ ಜೊತೆ ಮಾತುಕತೆ ನಡೆಸುವ ಮುನ್ನ ಮೋದಿಯವರು ಮಹಾತ್ಮಗಾಂಧಿ ಯವರಿಗೆ ಗೌರವ ನಮನ ಸಲ್ಲಿಸಿದ್ದಾರೆ. ಜಗತ್ತಿನ ಶಾಂತಿಗೆ ಗಾಂಧೀಜಿಯವರ ಚಿಂತನೆಗಳು ಸದಾ ಪ್ರಾಮಾಣಿಕವಾಗಿವೆ ಎಂದು ಹೇಳಿದ್ದಾರೆ. ಹೌದು, ನರೇಂದ್ರ ಮೋದಿಯವರು ಹಾಗೆ ಹೇಳಲೇಬೇಕು ಮತ್ತು ಪ್ರತಿ ಬಾರಿಯೂ ಹೇಳುತ್ತಲೇ ಇರುತ್ತಾರೆ. ಹಿಂದಿನ ಅಮೆರಿಕಾದ ಅಧ್ಯಕ್ಷ ಬರಾಕ್ ಒಬಾಮಾ, ಖ್ಯಾತ ಮಾನವ ಹಕ್ಕುಗಳ ಹೋರಾಟಗಾರ ಮಾರ್ಟಿನ್ ಲೂಥರ್ ಕಿಂಗ್ ಜೂನಿಯರ್ ಸಹ ಹೇಳಿದ್ದಾರೆ. ದಕ್ಷಿಣ ಆಫ್ರಿಕಾದ ವರ್ಣಭೇದ ನೀತಿಯ ವಿರುದ್ದ ಹೋರಾಟಗಾರರಾದ ನೆಲ್ಸನ್ ಮಂಡೇಲಾ ರವರು ಸಹ ಗಾಂಧಿಯವರ ಬಗ್ಗೆ ಮಾತನಾಡಿದ್ದಾರೆ. ದಲೈಲಾಮಾ, ಪ್ರಸಿದ್ದ ವಿಜ್ಞಾನಿ ಆಲ್ಬರ್ಟ್ ಐನ್ ಸ್ಟೈನ್, ಭಾರತದ ಮಾಜಿ
ಅಧ್ಯಕ್ಷ ಡಾಕ್ಟರ್ ಎಪಿಜೆ ಅಬ್ದುಲ್ ಕಲಾಂ ಸಹ ಹೀಗೆ ಹೇಳಿದ್ದಾರೆ ಮತ್ತು ಬಹುತೇಕ ಜನರು ನಂಬಿದ್ದಾರೆ. ಇರಲಿ, ಹೃದಯವಂತಿಕೆಯ ವ್ಯಾಖ್ಯಾನವಾಗಿ ಮತ್ತು ಯಾವುದೇ ಆಗಲಿ ಮೊದಲು ಹೇಳುವುದು ಅದು ಮಹಾತ್ಮ ಗಾಂಧಿ ಹೆಸರು. ಜಗತ್ತಿನ ಮಹತ್ವದಕ್ಕೆ ಹೋರಾಟ ಗಾರರು, ದಾರ್ಶನಿಕರು ಅಥವಾ ರಾಜಕೀಯ ನಾಯಕರು ಗಾಂಧಿಯವರ ತತ್ವ ಪಾಲಿಸುವ ಸಾಧ್ಯವಿಲ್ಲ. ಇದನ್ನು ಭಾರತದ ಒಂದಷ್ಟು ಜನರು ಮಹಾತ್ಮ ಗಾಂಧಿಯನ್ನು ಟೀಕಿಸಲು ಆರಂಭಿಸಿದ್ದಾರೆ. ಆ ದಿನಗಳಲ್ಲಿ ಗಾಂಧಿ ಮತ್ತು ಅವರ ಕುಟುಂಬದವರು ವಿರೋಧಿಸುವ ಎಂಬುದು ಸುಳ್ಳು. ಅವರು ಮಾಡಿದ್ದು ಎಲ್ಲವೂ ಸತ್ಯ. ಅವರು ಅವಕಾಶವಿರುವಂತೆ ಸತ್ಯವಾಗಿ ಬದುಕಿದರು. ಭಾರತ ಸ್ವಾತಂತ್ರ್ಯ ಸಂಗ್ರಾಮದ ಮಹಾನ್ ನಾಯಕರಾಗಿ ಅವರು ತಮ್ಮ ಜೀವನವನ್ನೇ ಮುಡಿಪಾಗಿಟ್ಟರು. ಅಹಿಂಸೆ, ಸತ್ಯಾಗ್ರಹದ ಮೂಲಕ ಬ್ರಿಟಿಷರ ವಿರುದ್ಧ ಹೋರಾಡಿದರು. ಇದು ನಮಗೆ ಗೊತ್ತಿರುವ ವಿಷಯ. ಈಗ ಅವರ ಬದುಕಿನ ಬಗ್ಗೆ ತಿಳಿಯದೇ ಟೀಕಿಸುವುದು ಸರಿಯಲ್ಲ. ಶರಣ ಸಂಸ್ಕೃತಿಯ ನಡೆ ನುಡಿ
ಸಿದ್ಧಾಂತ ಬದುಕಿನ ಗಾಂಧಿಯವರಲ್ಲಿ ಕಾಣಬಹುದು. ಇಂದಿನ ಯುವ ಜನಾಂಗ ಗಾಂಧೀಜಿಯವರ ಬಗ್ಗೆ ಸರಿಯಾಗಿ ತಿಳಿದುಕೊಳ್ಳಬೇಕು. ನನ್ನ ಜೀವನವೇ ನನ್ನ ಸಂದೇಶ ಎಂದು ಹೇಳಿದ ಮಹಾತ್ಮ ಗಾಂಧಿಯವರ ಮಾತುಗಳು, ಸತ್ಯದೊಂದಿಗೆ ಅವರು ನಡೆಸಿದ ಬದುಕಿನ ಪ್ರಯೋಗಗಳು ಇಂದಿಗೂ ಎಲ್ಲರಿಗೂ ಸ್ಪೂರ್ತಿದಾಯಕ. ಇವತ್ತಿನ ಅನೇಕ ರಾಜಕೀಯ, ಸಾಮಾಜಿಕ, ಧಾರ್ಮಿಕ ಸಮಸ್ಯೆಗಳಿಗೆ ಗಾಂಧೀಜಿ ಸೂಚಿಸಿದ ಮಾರ್ಗಗಳು ಇಂದಿಗೂ ಪ್ರಸ್ತುತ. ಗಾಂಧಿಯವರನ್ನು ಅರ್ಥ ಮಾಡಿಕೊಳ್ಳಲು ನಮಗೂ ಕೂಡ ಸಾಕಷ್ಟು ಅಧ್ಯಯನ, ಅನುಭವ, ಸಂವೇದನಾಶೀಲತೆ ಬೇಕಾಗುತ್ತದೆ. ಯಾರೋ ಹೇಳಿದ ಮಾತುಗಳನ್ನು ಕೇಳಿ ಅವರನ್ನು ಟೀಕಿಸುವುದು ಸರಿಯಲ್ಲ. ಗಾಂಧಿಯವರ ಬದುಕನ್ನು ಓದಿ, ಅರಿತು, ನಂತರ ವಿಮರ್ಶಿಸುವುದು ಒಳ್ಳೆಯದು. ಆಗ ಮಾತ್ರ ಅವರನ್ನು ನಿಜವಾಗಿ ಅರ್ಥ ಮಾಡಿಕೊಳ್ಳಬಹುದು. ಸ್ವಾತಂತ್ರ್ಯ ಬಂದ ನಂತರವೂ ಗಾಂಧಿಯವರ ವಿಚಾರಗಳು ಭಾರತದ ಸಂವಿಧಾನದಲ್ಲಿ ಪ್ರತಿಫಲಿಸಿವೆ. ಎಲ್ಲಾ ತ್ಯಾಗ ಜೀವಿಗಳ ಹುತಾತ್ಮರ ತ್ಯಾಗವನ್ನು
ಸ್ಮರಿಸುತ್ತಾ, ಗಾಂಧಿ ಎಂದರೆ ಶಾಂತಿ, ಗಾಂಧಿ ಎಂದರೆ ಸತ್ಯ, ಗಾಂಧಿ ಎಂದರೆ ಅಹಿಂಸೆ. ಮಹಾತ್ಮ ಗಾಂಧಿಯವರನ್ನು ಟೀಕಿಸುವ ಮೊದಲು ಅವರ ಜೀವನವನ್ನು ಸಾಕಷ್ಟು ಅಧ್ಯಯನ ಮಾಡುವ ಅವಶ್ಯಕತೆ ಇದೆ. ಇತ್ತೀಚಿನ ವರ್ಷಗಳಲ್ಲಿ ಗಾಂಧಿಯವರನ್ನು ಟೀಕಿಸುವವರ ಸಂಖ್ಯೆ ಹೆಚ್ಚಾಗುತ್ತಿದೆ. ಅವರ ಕೊಡುಗೆಯನ್ನು ಮರೆತು ಅವರನ್ನು ದೂಷಿಸುವುದು ದುರದೃಷ್ಟಕರ. ಗಾಂಧಿಯವರ ಬದುಕು ಮತ್ತು ಚಿಂತನೆಗಳು ಮನುಕುಲಕ್ಕೆ ಮಾರ್ಗದರ್ಶಿ. ಸತ್ಯ, ಅಹಿಂಸೆ, ಸರಳತೆ, ಸಮಾನತೆ, ಸಹಿಷ್ಣುತೆಯ ಮೌಲ್ಯಗಳನ್ನು ನಾವು ಅಳವಡಿಸಿಕೊಳ್ಳಬೇಕು. ಆ ಮೂಲಕ ಅವರಿಗೆ ನಿಜವಾದ ಗೌರವ ಸಲ್ಲಿಸಬೇಕು. ಗಾಂಧಿಯನ್ನು ಟೀಕಿಸುವ ಮೊದಲು ಸಾಕಷ್ಟು ವಿವೇಚನೆ ಬಳಸಿ ಅವರನ್ನು ಅರ್ಥ ಮಾಡಿಕೊಳ್ಳಲು ಪ್ರಯತ್ನಿಸಬೇಕಾಗಿದೆ.
ವಿವೇಕಾನಂದ ಎಚ್. ಕೆ.
9844013068.
